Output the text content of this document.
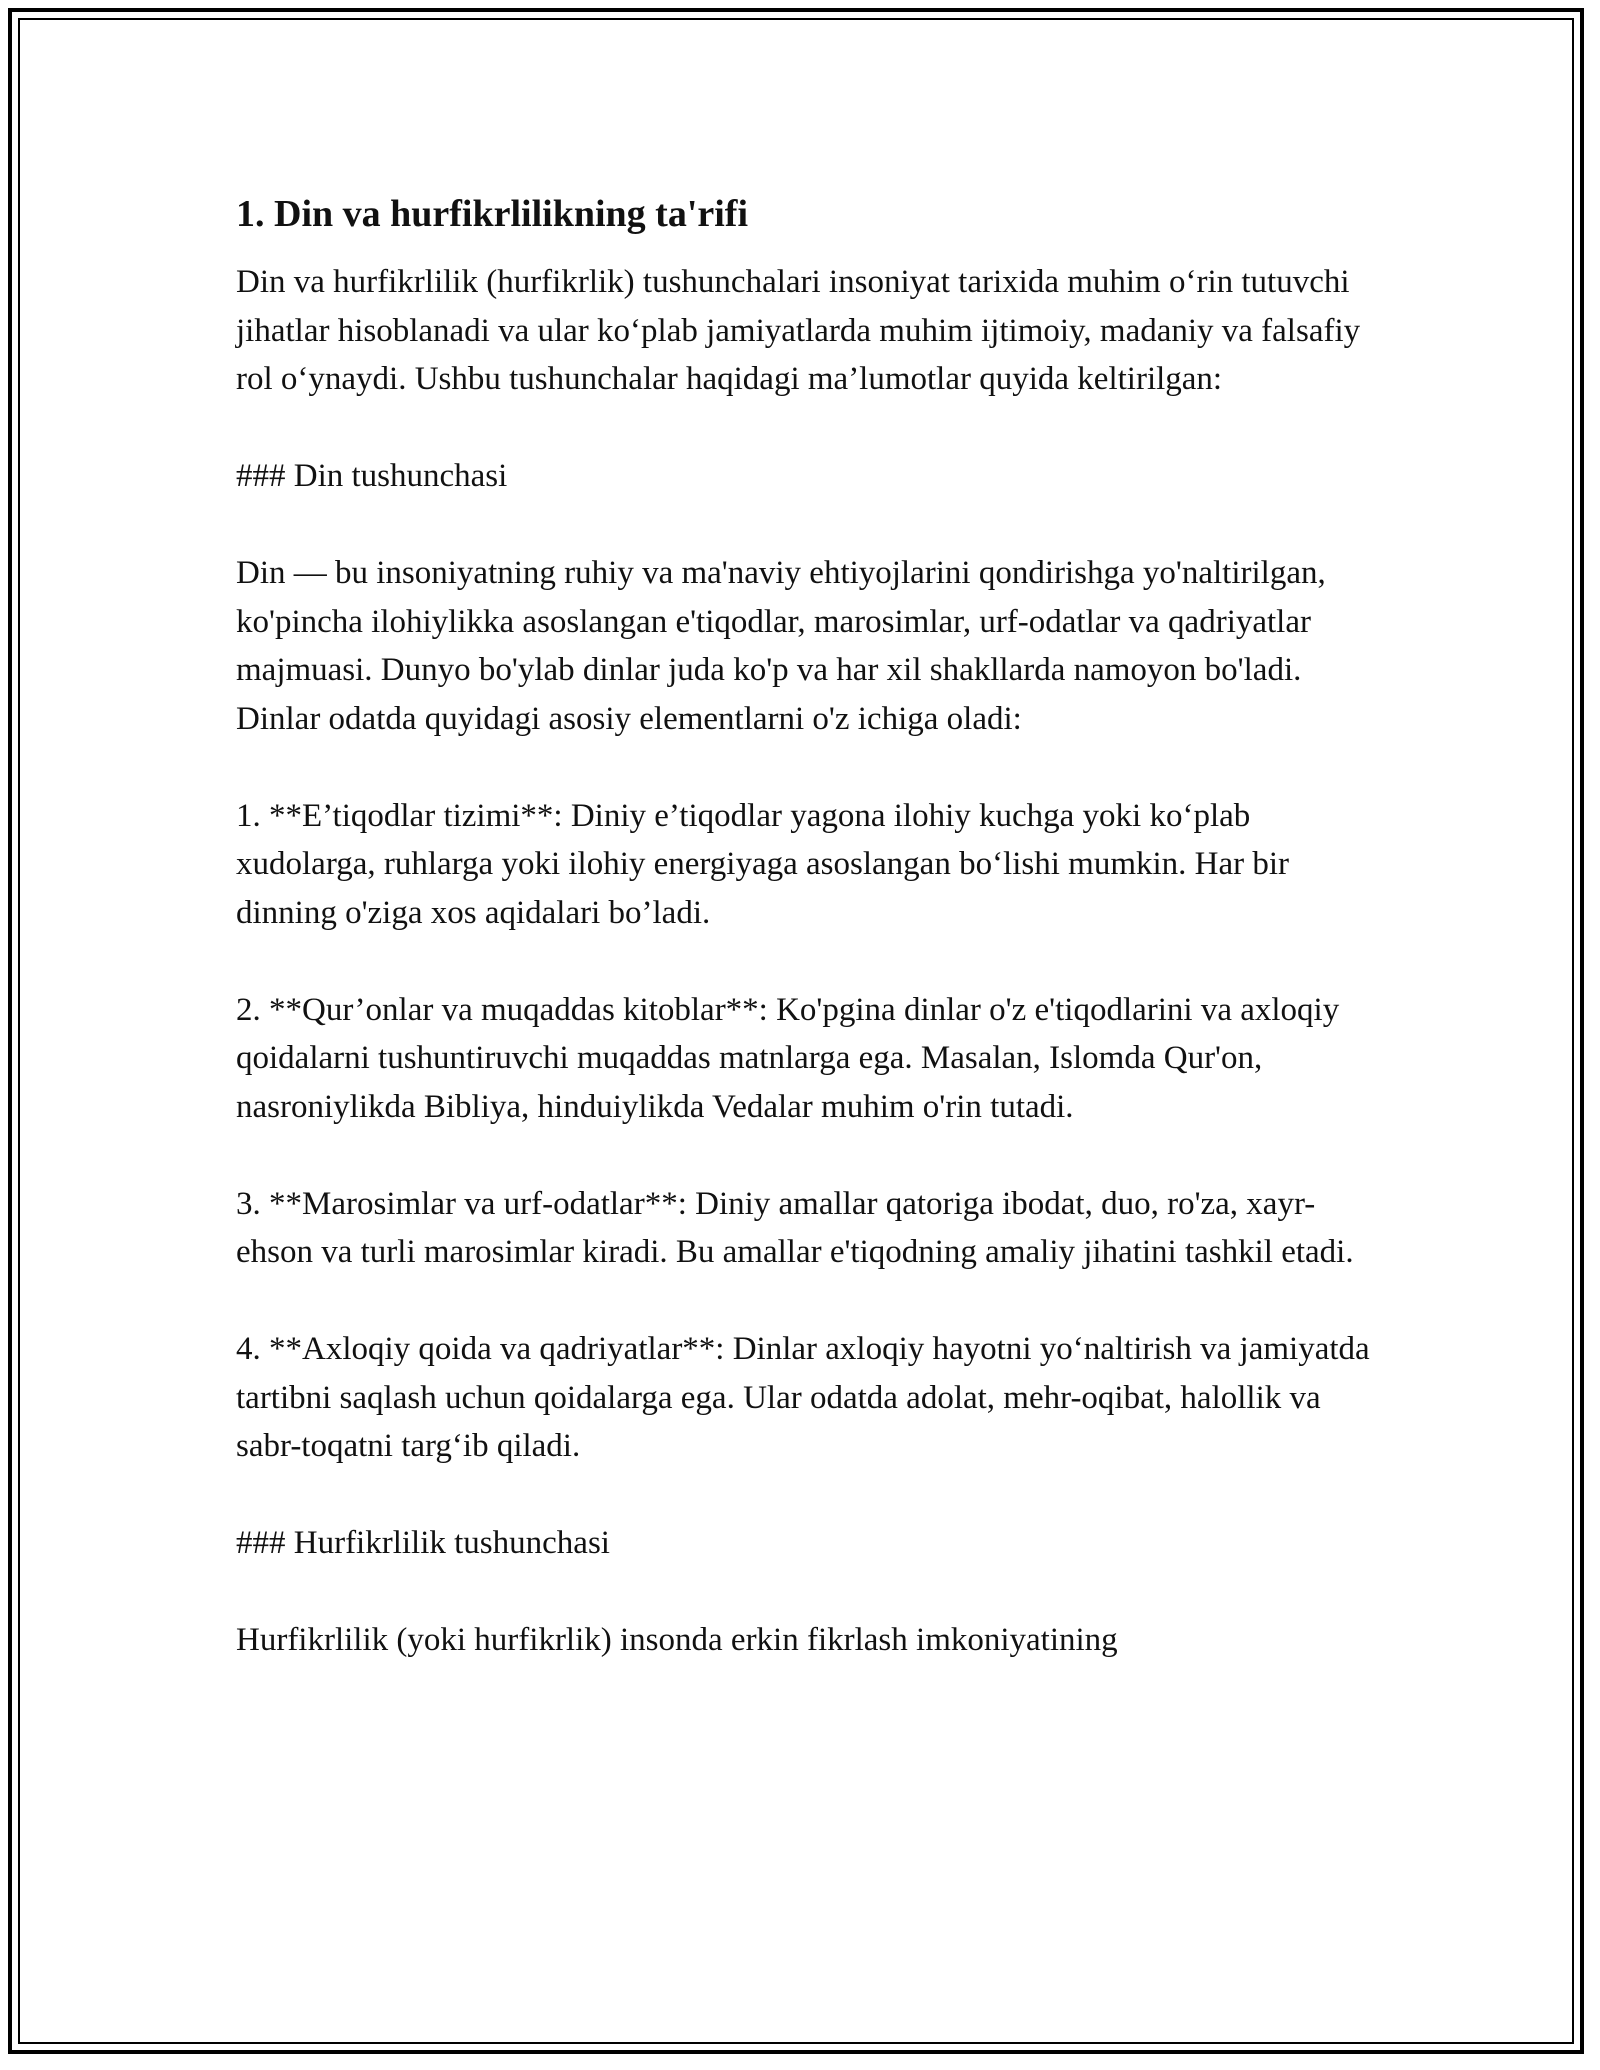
1. Din va hurfikrlilikning ta'rifi

Din va hurfikrlilik (hurfikrlik) tushunchalari insoniyat tarixida muhim o‘rin tutuvchi jihatlar hisoblanadi va ular ko‘plab jamiyatlarda muhim ijtimoiy, madaniy va falsafiy rol o‘ynaydi. Ushbu tushunchalar haqidagi ma’lumotlar quyida keltirilgan:

### Din tushunchasi

Din — bu insoniyatning ruhiy va ma'naviy ehtiyojlarini qondirishga yo'naltirilgan, ko'pincha ilohiylikka asoslangan e'tiqodlar, marosimlar, urf-odatlar va qadriyatlar majmuasi. Dunyo bo'ylab dinlar juda ko'p va har xil shakllarda namoyon bo'ladi. Dinlar odatda quyidagi asosiy elementlarni o'z ichiga oladi:

1. **E’tiqodlar tizimi**: Diniy e’tiqodlar yagona ilohiy kuchga yoki ko‘plab xudolarga, ruhlarga yoki ilohiy energiyaga asoslangan bo‘lishi mumkin. Har bir dinning o'ziga xos aqidalari bo’ladi.

2. **Qur’onlar va muqaddas kitoblar**: Ko'pgina dinlar o'z e'tiqodlarini va axloqiy qoidalarni tushuntiruvchi muqaddas matnlarga ega. Masalan, Islomda Qur'on, nasroniylikda Bibliya, hinduiylikda Vedalar muhim o'rin tutadi.

3. **Marosimlar va urf-odatlar**: Diniy amallar qatoriga ibodat, duo, ro'za, xayr-ehson va turli marosimlar kiradi. Bu amallar e'tiqodning amaliy jihatini tashkil etadi.

4. **Axloqiy qoida va qadriyatlar**: Dinlar axloqiy hayotni yo‘naltirish va jamiyatda tartibni saqlash uchun qoidalarga ega. Ular odatda adolat, mehr-oqibat, halollik va sabr-toqatni targ‘ib qiladi.

### Hurfikrlilik tushunchasi

Hurfikrlilik (yoki hurfikrlik) insonda erkin fikrlash imkoniyatining
